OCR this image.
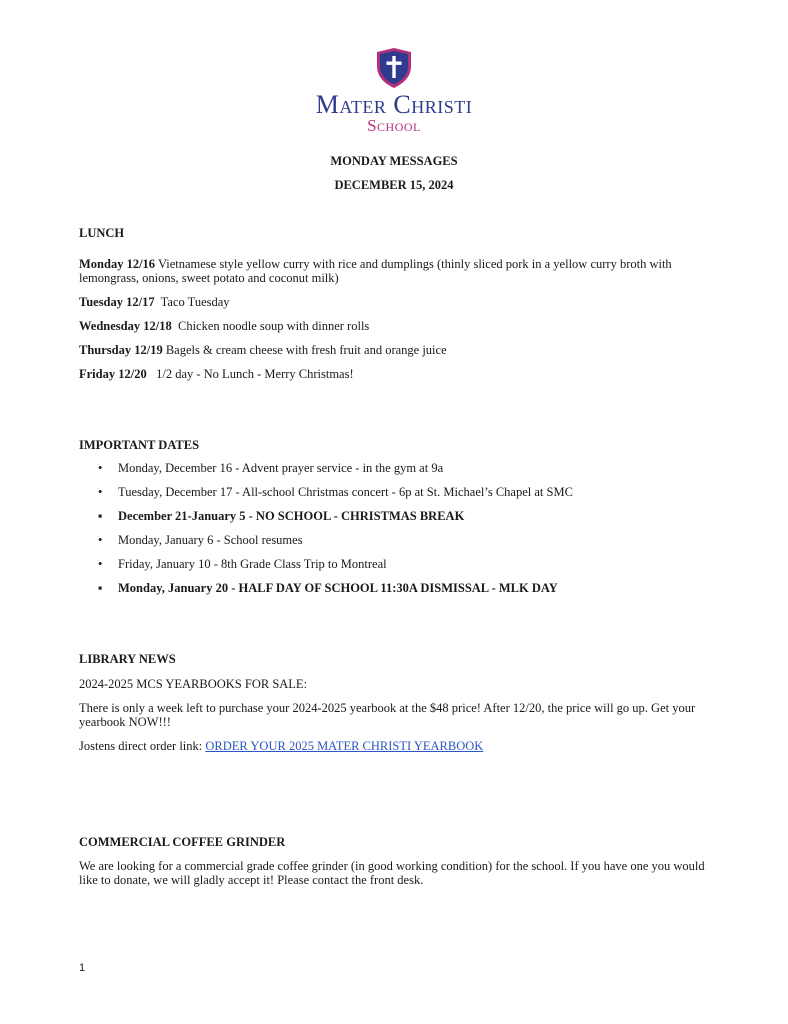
Mater Christi
School
MONDAY MESSAGES
DECEMBER 15, 2024
LUNCH
Monday 12/16 Vietnamese style yellow curry with rice and dumplings (thinly sliced pork in a yellow curry broth with lemongrass, onions, sweet potato and coconut milk)
Tuesday 12/17  Taco Tuesday
Wednesday 12/18  Chicken noodle soup with dinner rolls
Thursday 12/19 Bagels & cream cheese with fresh fruit and orange juice
Friday 12/20   1/2 day - No Lunch - Merry Christmas!
IMPORTANT DATES
• Monday, December 16 - Advent prayer service - in the gym at 9a
• Tuesday, December 17 - All-school Christmas concert - 6p at St. Michael’s Chapel at SMC
▪ December 21-January 5 - NO SCHOOL - CHRISTMAS BREAK
• Monday, January 6 - School resumes
• Friday, January 10 - 8th Grade Class Trip to Montreal
▪ Monday, January 20 - HALF DAY OF SCHOOL 11:30A DISMISSAL - MLK DAY
LIBRARY NEWS
2024-2025 MCS YEARBOOKS FOR SALE:
There is only a week left to purchase your 2024-2025 yearbook at the $48 price! After 12/20, the price will go up. Get your yearbook NOW!!!
Jostens direct order link: ORDER YOUR 2025 MATER CHRISTI YEARBOOK
COMMERCIAL COFFEE GRINDER
We are looking for a commercial grade coffee grinder (in good working condition) for the school. If you have one you would like to donate, we will gladly accept it! Please contact the front desk.
1
